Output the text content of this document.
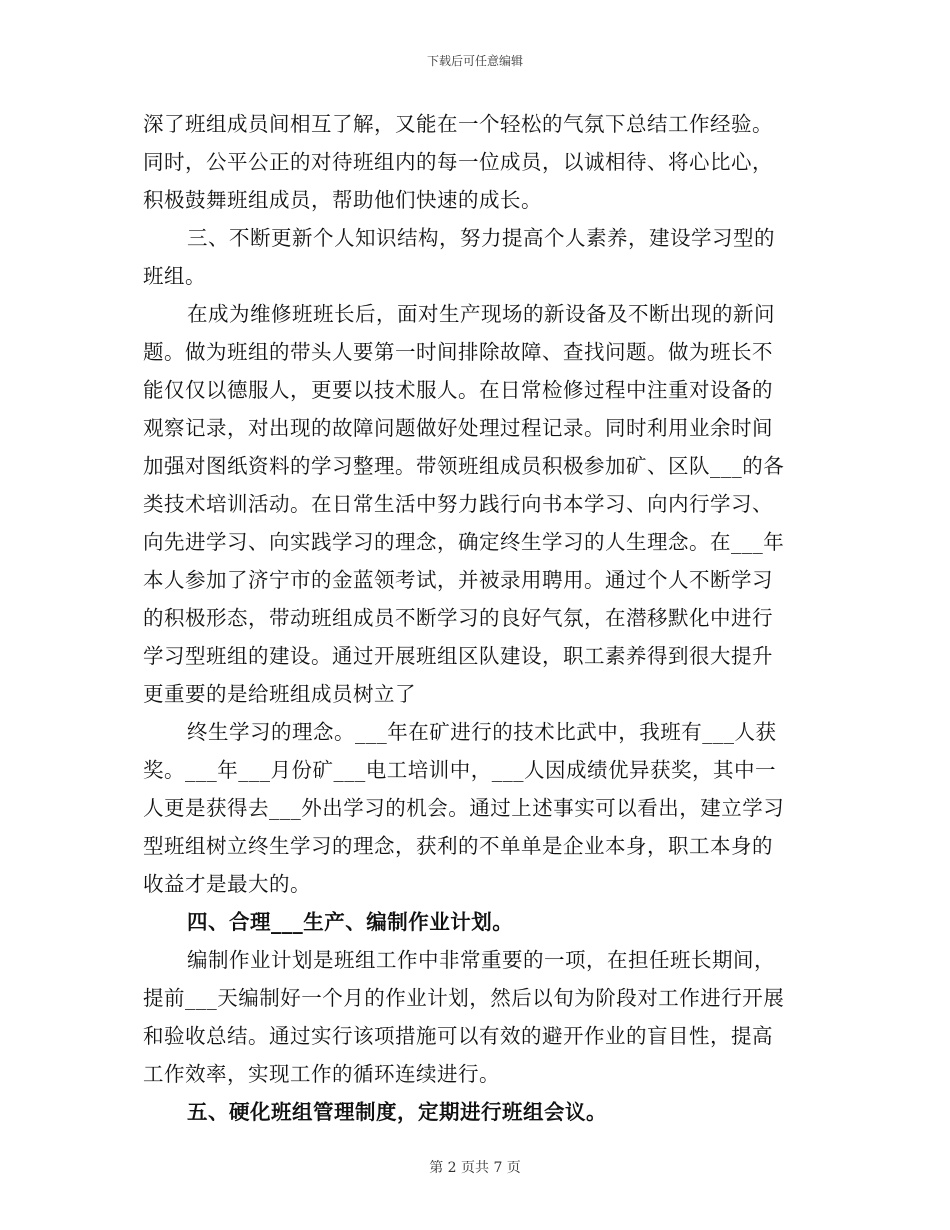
下载后可任意编辑
深了班组成员间相互了解，又能在一个轻松的气氛下总结工作经验。
同时，公平公正的对待班组内的每一位成员，以诚相待、将心比心，
积极鼓舞班组成员，帮助他们快速的成长。
三、不断更新个人知识结构，努力提高个人素养，建设学习型的
班组。
在成为维修班班长后，面对生产现场的新设备及不断出现的新问
题。做为班组的带头人要第一时间排除故障、查找问题。做为班长不
能仅仅以德服人，更要以技术服人。在日常检修过程中注重对设备的
观察记录，对出现的故障问题做好处理过程记录。同时利用业余时间
加强对图纸资料的学习整理。带领班组成员积极参加矿、区队___的各
类技术培训活动。在日常生活中努力践行向书本学习、向内行学习、
向先进学习、向实践学习的理念，确定终生学习的人生理念。在___年
本人参加了济宁市的金蓝领考试，并被录用聘用。通过个人不断学习
的积极形态，带动班组成员不断学习的良好气氛，在潜移默化中进行
学习型班组的建设。通过开展班组区队建设，职工素养得到很大提升
更重要的是给班组成员树立了
终生学习的理念。___年在矿进行的技术比武中，我班有___人获
奖。___年___月份矿___电工培训中，___人因成绩优异获奖，其中一
人更是获得去___外出学习的机会。通过上述事实可以看出，建立学习
型班组树立终生学习的理念，获利的不单单是企业本身，职工本身的
收益才是最大的。
四、合理___生产、编制作业计划。
编制作业计划是班组工作中非常重要的一项，在担任班长期间，
提前___天编制好一个月的作业计划，然后以旬为阶段对工作进行开展
和验收总结。通过实行该项措施可以有效的避开作业的盲目性，提高
工作效率，实现工作的循环连续进行。
五、硬化班组管理制度，定期进行班组会议。
第 2 页共 7 页
